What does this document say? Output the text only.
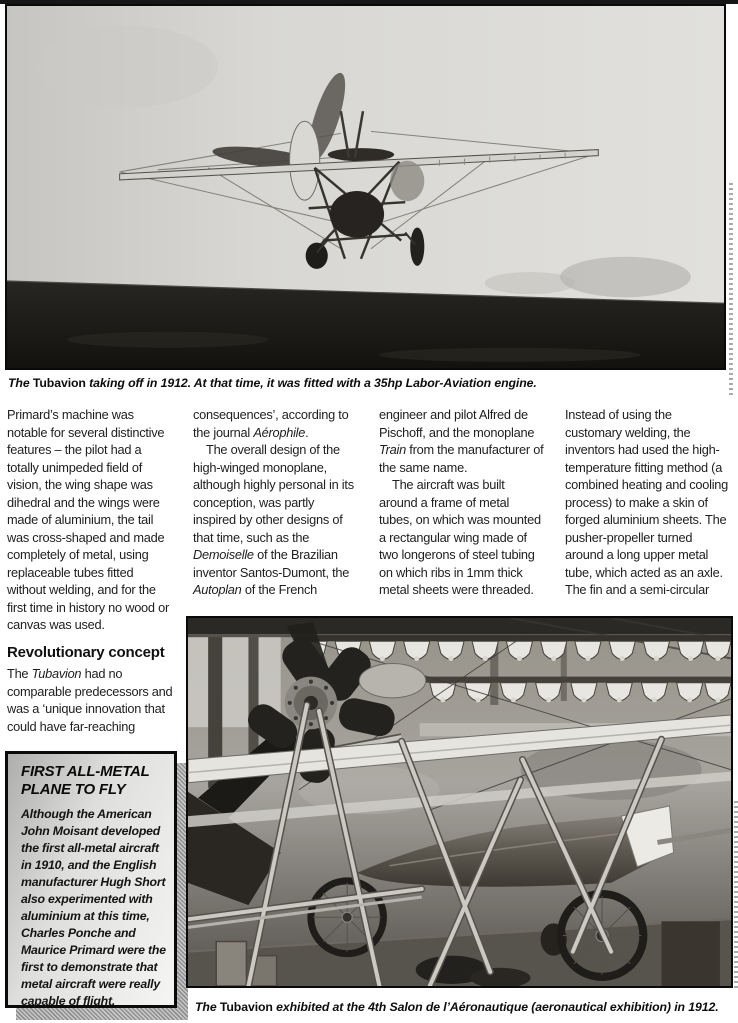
The Tubavion taking off in 1912. At that time, it was fitted with a 35hp Labor-Aviation engine.

Primard’s machine was notable for several distinctive features – the pilot had a totally unimpeded field of vision, the wing shape was dihedral and the wings were made of aluminium, the tail was cross-shaped and made completely of metal, using replaceable tubes fitted without welding, and for the first time in history no wood or canvas was used.

Revolutionary concept

The Tubavion had no comparable predecessors and was a ‘unique innovation that could have far-reaching

consequences’, according to the journal Aérophile.

The overall design of the high-winged monoplane, although highly personal in its conception, was partly inspired by other designs of that time, such as the Demoiselle of the Brazilian inventor Santos-Dumont, the Autoplan of the French

engineer and pilot Alfred de Pischoff, and the monoplane Train from the manufacturer of the same name.

The aircraft was built around a frame of metal tubes, on which was mounted a rectangular wing made of two longerons of steel tubing on which ribs in 1mm thick metal sheets were threaded.

Instead of using the customary welding, the inventors had used the high-temperature fitting method (a combined heating and cooling process) to make a skin of forged aluminium sheets. The pusher-propeller turned around a long upper metal tube, which acted as an axle. The fin and a semi-circular

FIRST ALL-METAL PLANE TO FLY

Although the American John Moisant developed the first all-metal aircraft in 1910, and the English manufacturer Hugh Short also experimented with aluminium at this time, Charles Ponche and Maurice Primard were the first to demonstrate that metal aircraft were really capable of flight.	The Tubavion exhibited at the 4th Salon de l’Aéronautique (aeronautical exhibition) in 1912.
